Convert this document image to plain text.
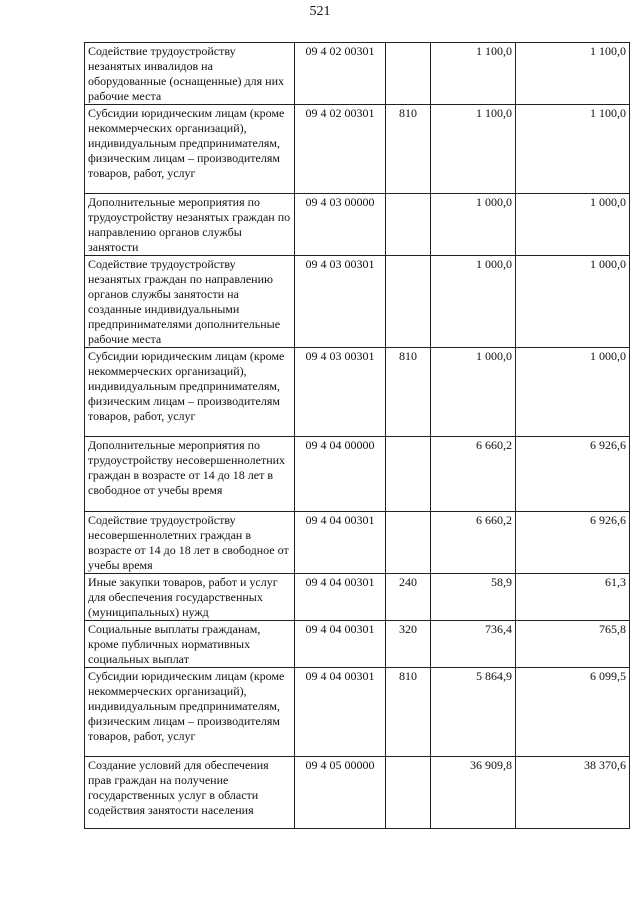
521
Содействие трудоустройству незанятых инвалидов на оборудованные (оснащенные) для них рабочие места	09 4 02 00301		1 100,0	1 100,0
Субсидии юридическим лицам (кроме некоммерческих организаций), индивидуальным предпринимателям, физическим лицам – производителям товаров, работ, услуг	09 4 02 00301	810	1 100,0	1 100,0
Дополнительные мероприятия по трудоустройству незанятых граждан по направлению органов службы занятости	09 4 03 00000		1 000,0	1 000,0
Содействие трудоустройству незанятых граждан по направлению органов службы занятости на созданные индивидуальными предпринимателями дополнительные рабочие места	09 4 03 00301		1 000,0	1 000,0
Субсидии юридическим лицам (кроме некоммерческих организаций), индивидуальным предпринимателям, физическим лицам – производителям товаров, работ, услуг	09 4 03 00301	810	1 000,0	1 000,0
Дополнительные мероприятия по трудоустройству несовершеннолетних граждан в возрасте от 14 до 18 лет в свободное от учебы время	09 4 04 00000		6 660,2	6 926,6
Содействие трудоустройству несовершеннолетних граждан в возрасте от 14 до 18 лет в свободное от учебы время	09 4 04 00301		6 660,2	6 926,6
Иные закупки товаров, работ и услуг для обеспечения государственных (муниципальных) нужд	09 4 04 00301	240	58,9	61,3
Социальные выплаты гражданам, кроме публичных нормативных социальных выплат	09 4 04 00301	320	736,4	765,8
Субсидии юридическим лицам (кроме некоммерческих организаций), индивидуальным предпринимателям, физическим лицам – производителям товаров, работ, услуг	09 4 04 00301	810	5 864,9	6 099,5
Создание условий для обеспечения прав граждан на получение государственных услуг в области содействия занятости населения	09 4 05 00000		36 909,8	38 370,6
